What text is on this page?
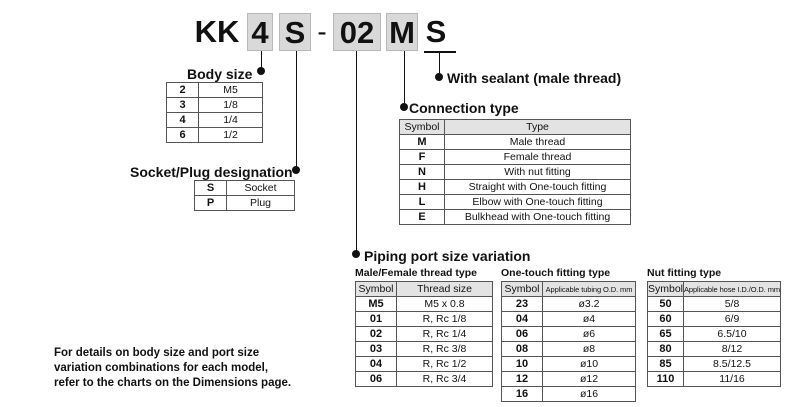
KK 4 S - 02 M S
With sealant (male thread)
Body size
2	M5
3	1/8
4	1/4
6	1/2
Socket/Plug designation
S	Socket
P	Plug
Connection type
Symbol	Type
M	Male thread
F	Female thread
N	With nut fitting
H	Straight with One-touch fitting
L	Elbow with One-touch fitting
E	Bulkhead with One-touch fitting
Piping port size variation
Male/Female thread type
Symbol	Thread size
M5	M5 x 0.8
01	R, Rc 1/8
02	R, Rc 1/4
03	R, Rc 3/8
04	R, Rc 1/2
06	R, Rc 3/4
One-touch fitting type
Symbol	Applicable tubing O.D. mm
23	ø3.2
04	ø4
06	ø6
08	ø8
10	ø10
12	ø12
16	ø16
Nut fitting type
Symbol	Applicable hose I.D./O.D. mm
50	5/8
60	6/9
65	6.5/10
80	8/12
85	8.5/12.5
110	11/16
For details on body size and port size
variation combinations for each model,
refer to the charts on the Dimensions page.
